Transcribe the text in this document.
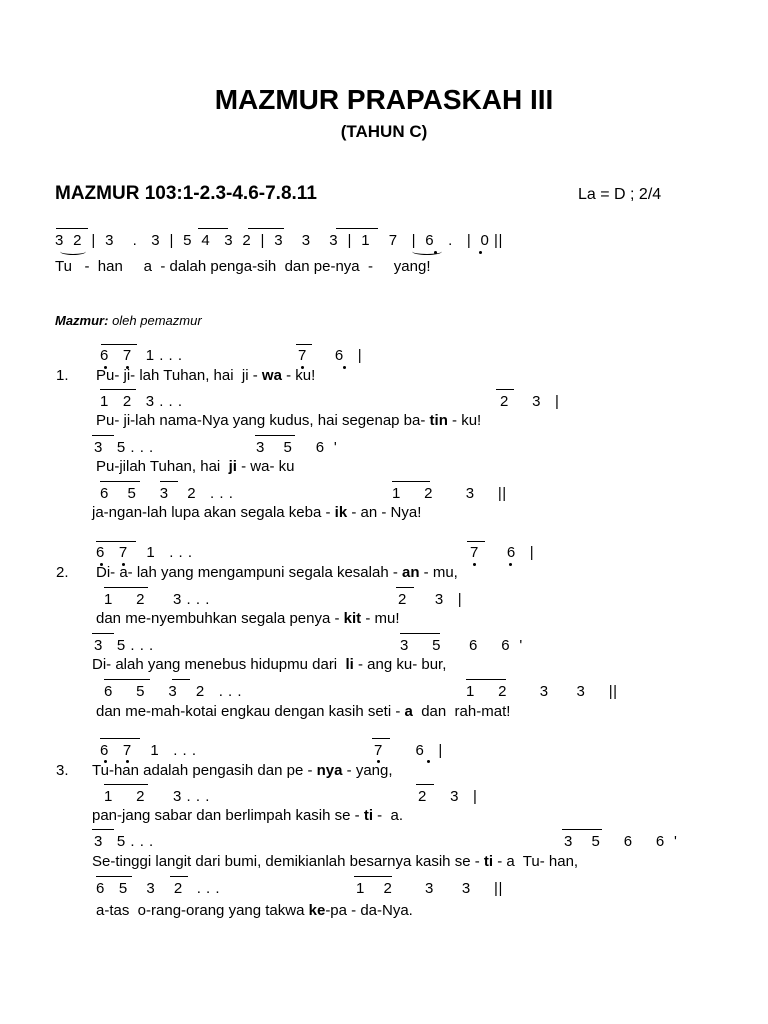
MAZMUR PRAPASKAH III
(TAHUN C)
MAZMUR 103:1-2.3-4.6-7.8.11	La = D ; 2/4
3  2  |  3    .   3  |  5  4   3  2  |  3    3    3  |  1    7   |  6   .   |  0 ||
Tu   -  han     a  - dalah penga-sih  dan pe-nya  -     yang!
Mazmur: oleh pemazmur
6   7   1 . . .	7      6   |
1. Pu- ji- lah Tuhan, hai  ji - wa - ku!
1   2   3 . . .	2     3   |
Pu- ji-lah nama-Nya yang kudus, hai segenap ba- tin - ku!
3   5 . . .	3    5     6  '
Pu-jilah Tuhan, hai  ji - wa- ku
6    5     3    2   . . .	1     2       3     ||
ja-ngan-lah lupa akan segala keba - ik - an - Nya!
6   7    1   . . .	7      6   |
2. Di- a- lah yang mengampuni segala kesalah - an - mu,
1     2      3 . . .	2      3   |
dan me-nyembuhkan segala penya - kit - mu!
3   5 . . .	3     5      6     6  '
Di- alah yang menebus hidupmu dari  li - ang ku- bur,
6     5     3    2   . . .	1     2       3      3     ||
dan me-mah-kotai engkau dengan kasih seti - a  dan  rah-mat!
6   7    1   . . .	7       6   |
3. Tu-han adalah pengasih dan pe - nya - yang,
1     2      3 . . .	2     3   |
pan-jang sabar dan berlimpah kasih se - ti -  a.
3   5 . . .	3    5     6     6  '
Se-tinggi langit dari bumi, demikianlah besarnya kasih se - ti - a  Tu- han,
6   5    3    2   . . .	1    2       3      3     ||
a-tas  o-rang-orang yang takwa ke-pa - da-Nya.
